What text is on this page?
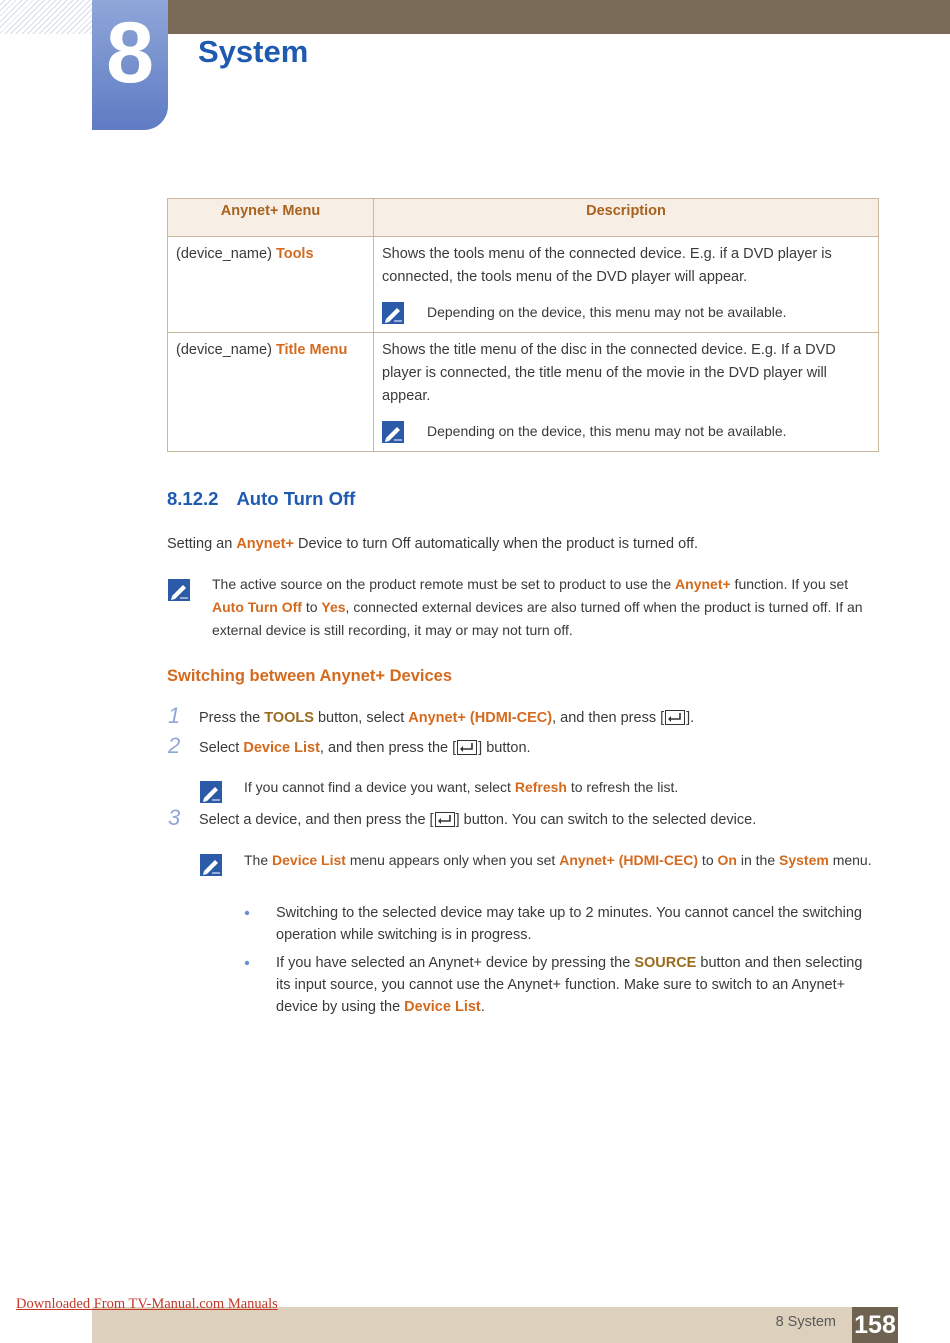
8	System
Anynet+ Menu	Description
(device_name) Tools	Shows the tools menu of the connected device. E.g. if a DVD player is connected, the tools menu of the DVD player will appear.
Depending on the device, this menu may not be available.

(device_name) Title Menu	Shows the title menu of the disc in the connected device. E.g. If a DVD player is connected, the title menu of the movie in the DVD player will appear.
Depending on the device, this menu may not be available.
8.12.2 Auto Turn Off
Setting an Anynet+ Device to turn Off automatically when the product is turned off.
The active source on the product remote must be set to product to use the Anynet+ function. If you set Auto Turn Off to Yes, connected external devices are also turned off when the product is turned off. If an external device is still recording, it may or may not turn off.
Switching between Anynet+ Devices
1 Press the TOOLS button, select Anynet+ (HDMI-CEC), and then press [ ].
2 Select Device List, and then press the [ ] button.
If you cannot find a device you want, select Refresh to refresh the list.
3 Select a device, and then press the [ ] button. You can switch to the selected device.
The Device List menu appears only when you set Anynet+ (HDMI-CEC) to On in the System menu.
Switching to the selected device may take up to 2 minutes. You cannot cancel the switching operation while switching is in progress.
If you have selected an Anynet+ device by pressing the SOURCE button and then selecting its input source, you cannot use the Anynet+ function. Make sure to switch to an Anynet+ device by using the Device List.
8 System 158
Downloaded From TV-Manual.com Manuals
